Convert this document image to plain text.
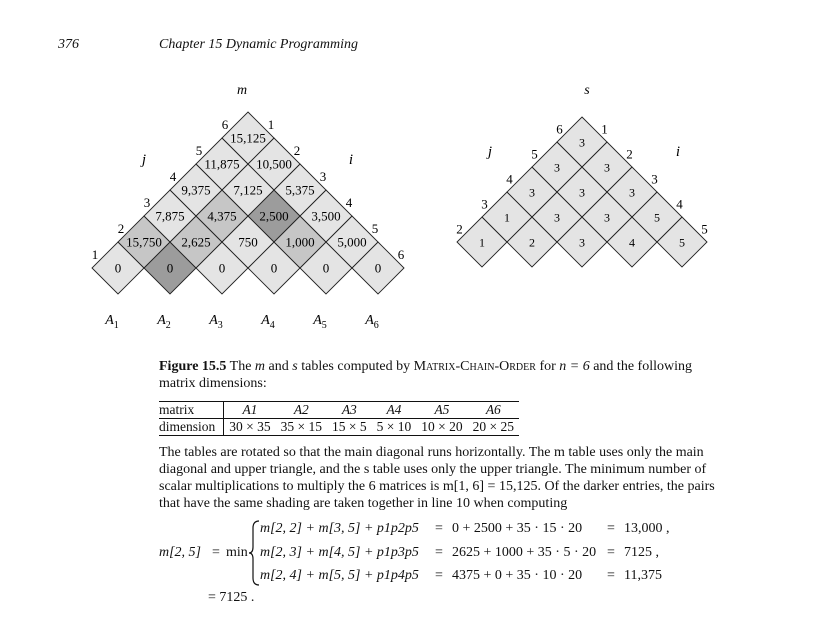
376	Chapter 15 Dynamic Programming
m
j	i
0	0	0	0	0	0
15,750 2,625 750 1,000 5,000
7,875 4,375 2,500 3,500
9,375 7,125 5,375
11,875 10,500
15,125
1
2
3
4
5
6	1
2
3
4
5
6
$A_1$	$A_2$	$A_3$	$A_4$	$A_5$	$A_6$
s
j	i
1	2	3	4	5
1	3	3	5
3	3	3
3	3
3
2
3
4
5
6	1
2
3
4
5
Figure 15.5 The m and s tables computed by Matrix-Chain-Order for n = 6 and the following matrix dimensions:
matrix	A1	A2	A3	A4	A5	A6
dimension	30 × 35	35 × 15	15 × 5	5 × 10	10 × 20	20 × 25
The tables are rotated so that the main diagonal runs horizontally. The m table uses only the main diagonal and upper triangle, and the s table uses only the upper triangle. The minimum number of scalar multiplications to multiply the 6 matrices is m[1, 6] = 15,125. Of the darker entries, the pairs that have the same shading are taken together in line 10 when computing
m[2, 5] = min
m[2, 2] + m[3, 5] + p1p2p5 = 0 + 2500 + 35 · 15 · 20 = 13,000 ,
m[2, 3] + m[4, 5] + p1p3p5 = 2625 + 1000 + 35 · 5 · 20 = 7125 ,
m[2, 4] + m[5, 5] + p1p4p5 = 4375 + 0 + 35 · 10 · 20 = 11,375
= 7125 .
